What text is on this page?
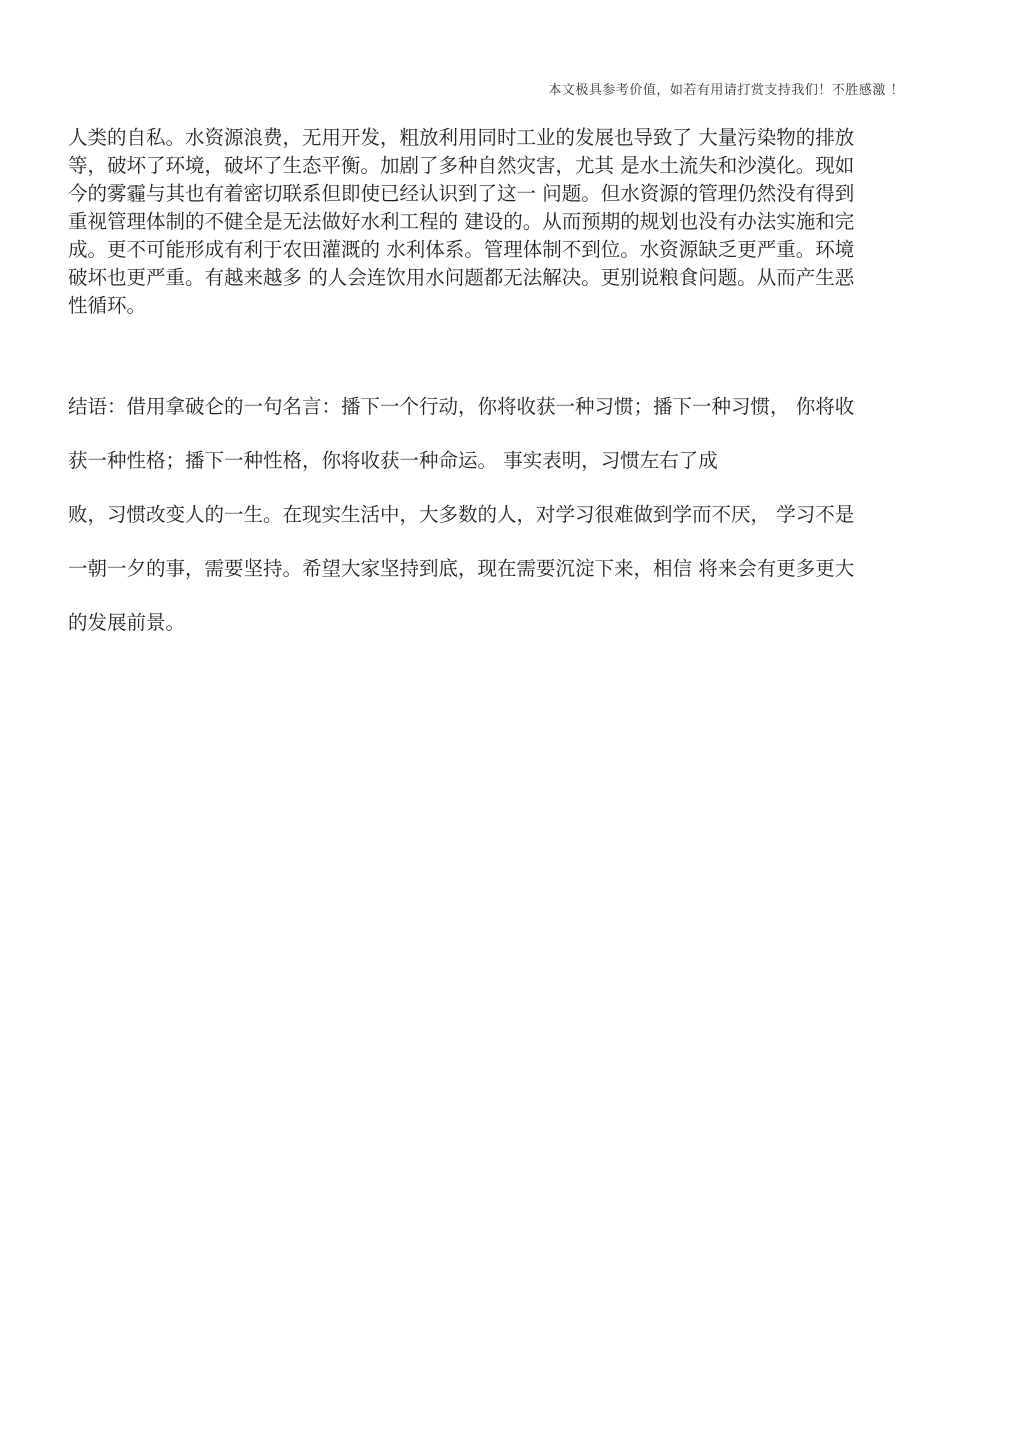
本文极具参考价值，如若有用请打赏支持我们！不胜感激 ！
人类的自私。水资源浪费，无用开发，粗放利用同时工业的发展也导致了 大量污染物的排放
等，破坏了环境，破坏了生态平衡。加剧了多种自然灾害，尤其 是水土流失和沙漠化。现如
今的雾霾与其也有着密切联系但即使已经认识到了这一 问题。但水资源的管理仍然没有得到
重视管理体制的不健全是无法做好水利工程的 建设的。从而预期的规划也没有办法实施和完
成。更不可能形成有利于农田灌溉的 水利体系。管理体制不到位。水资源缺乏更严重。环境
破坏也更严重。有越来越多 的人会连饮用水问题都无法解决。更别说粮食问题。从而产生恶
性循环。
结语：借用拿破仑的一句名言：播下一个行动，你将收获一种习惯；播下一种习惯， 你将收
获一种性格；播下一种性格，你将收获一种命运。 事实表明，习惯左右了成
败，习惯改变人的一生。在现实生活中，大多数的人，对学习很难做到学而不厌， 学习不是
一朝一夕的事，需要坚持。希望大家坚持到底，现在需要沉淀下来，相信 将来会有更多更大
的发展前景。
